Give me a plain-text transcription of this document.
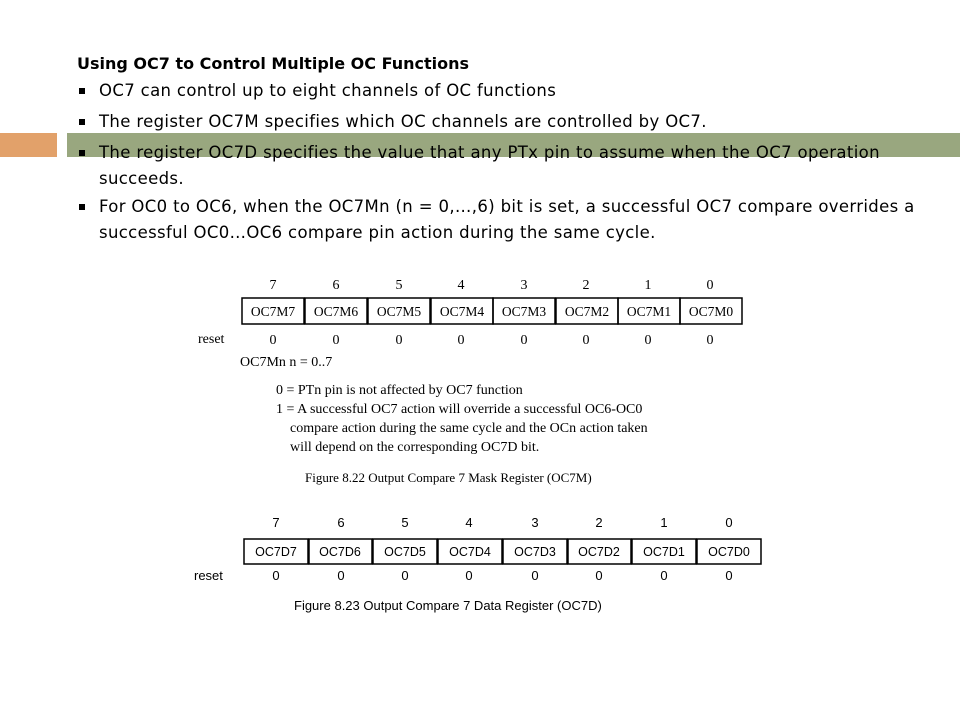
Using OC7 to Control Multiple OC Functions
OC7 can control up to eight channels of OC functions
The register OC7M specifies which OC channels are controlled by OC7.
The register OC7D specifies the value that any PTx pin to assume when the OC7 operation succeeds.
For OC0 to OC6, when the OC7Mn (n = 0,…,6) bit is set, a successful OC7 compare overrides a successful OC0…OC6 compare pin action during the same cycle.
7	6	5	4	3	2	1	0
OC7M7 OC7M6 OC7M5 OC7M4 OC7M3 OC7M2 OC7M1 OC7M0
reset	0	0	0	0	0	0	0	0
OC7Mn n = 0..7
0 = PTn pin is not affected by OC7 function
1 = A successful OC7 action will override a successful OC6-OC0
compare action during the same cycle and the OCn action taken
will depend on the corresponding OC7D bit.
Figure 8.22 Output Compare 7 Mask Register (OC7M)
7	6	5	4	3	2	1	0
OC7D7 OC7D6 OC7D5 OC7D4 OC7D3 OC7D2 OC7D1 OC7D0
reset	0	0	0	0	0	0	0	0
Figure 8.23 Output Compare 7 Data Register (OC7D)
